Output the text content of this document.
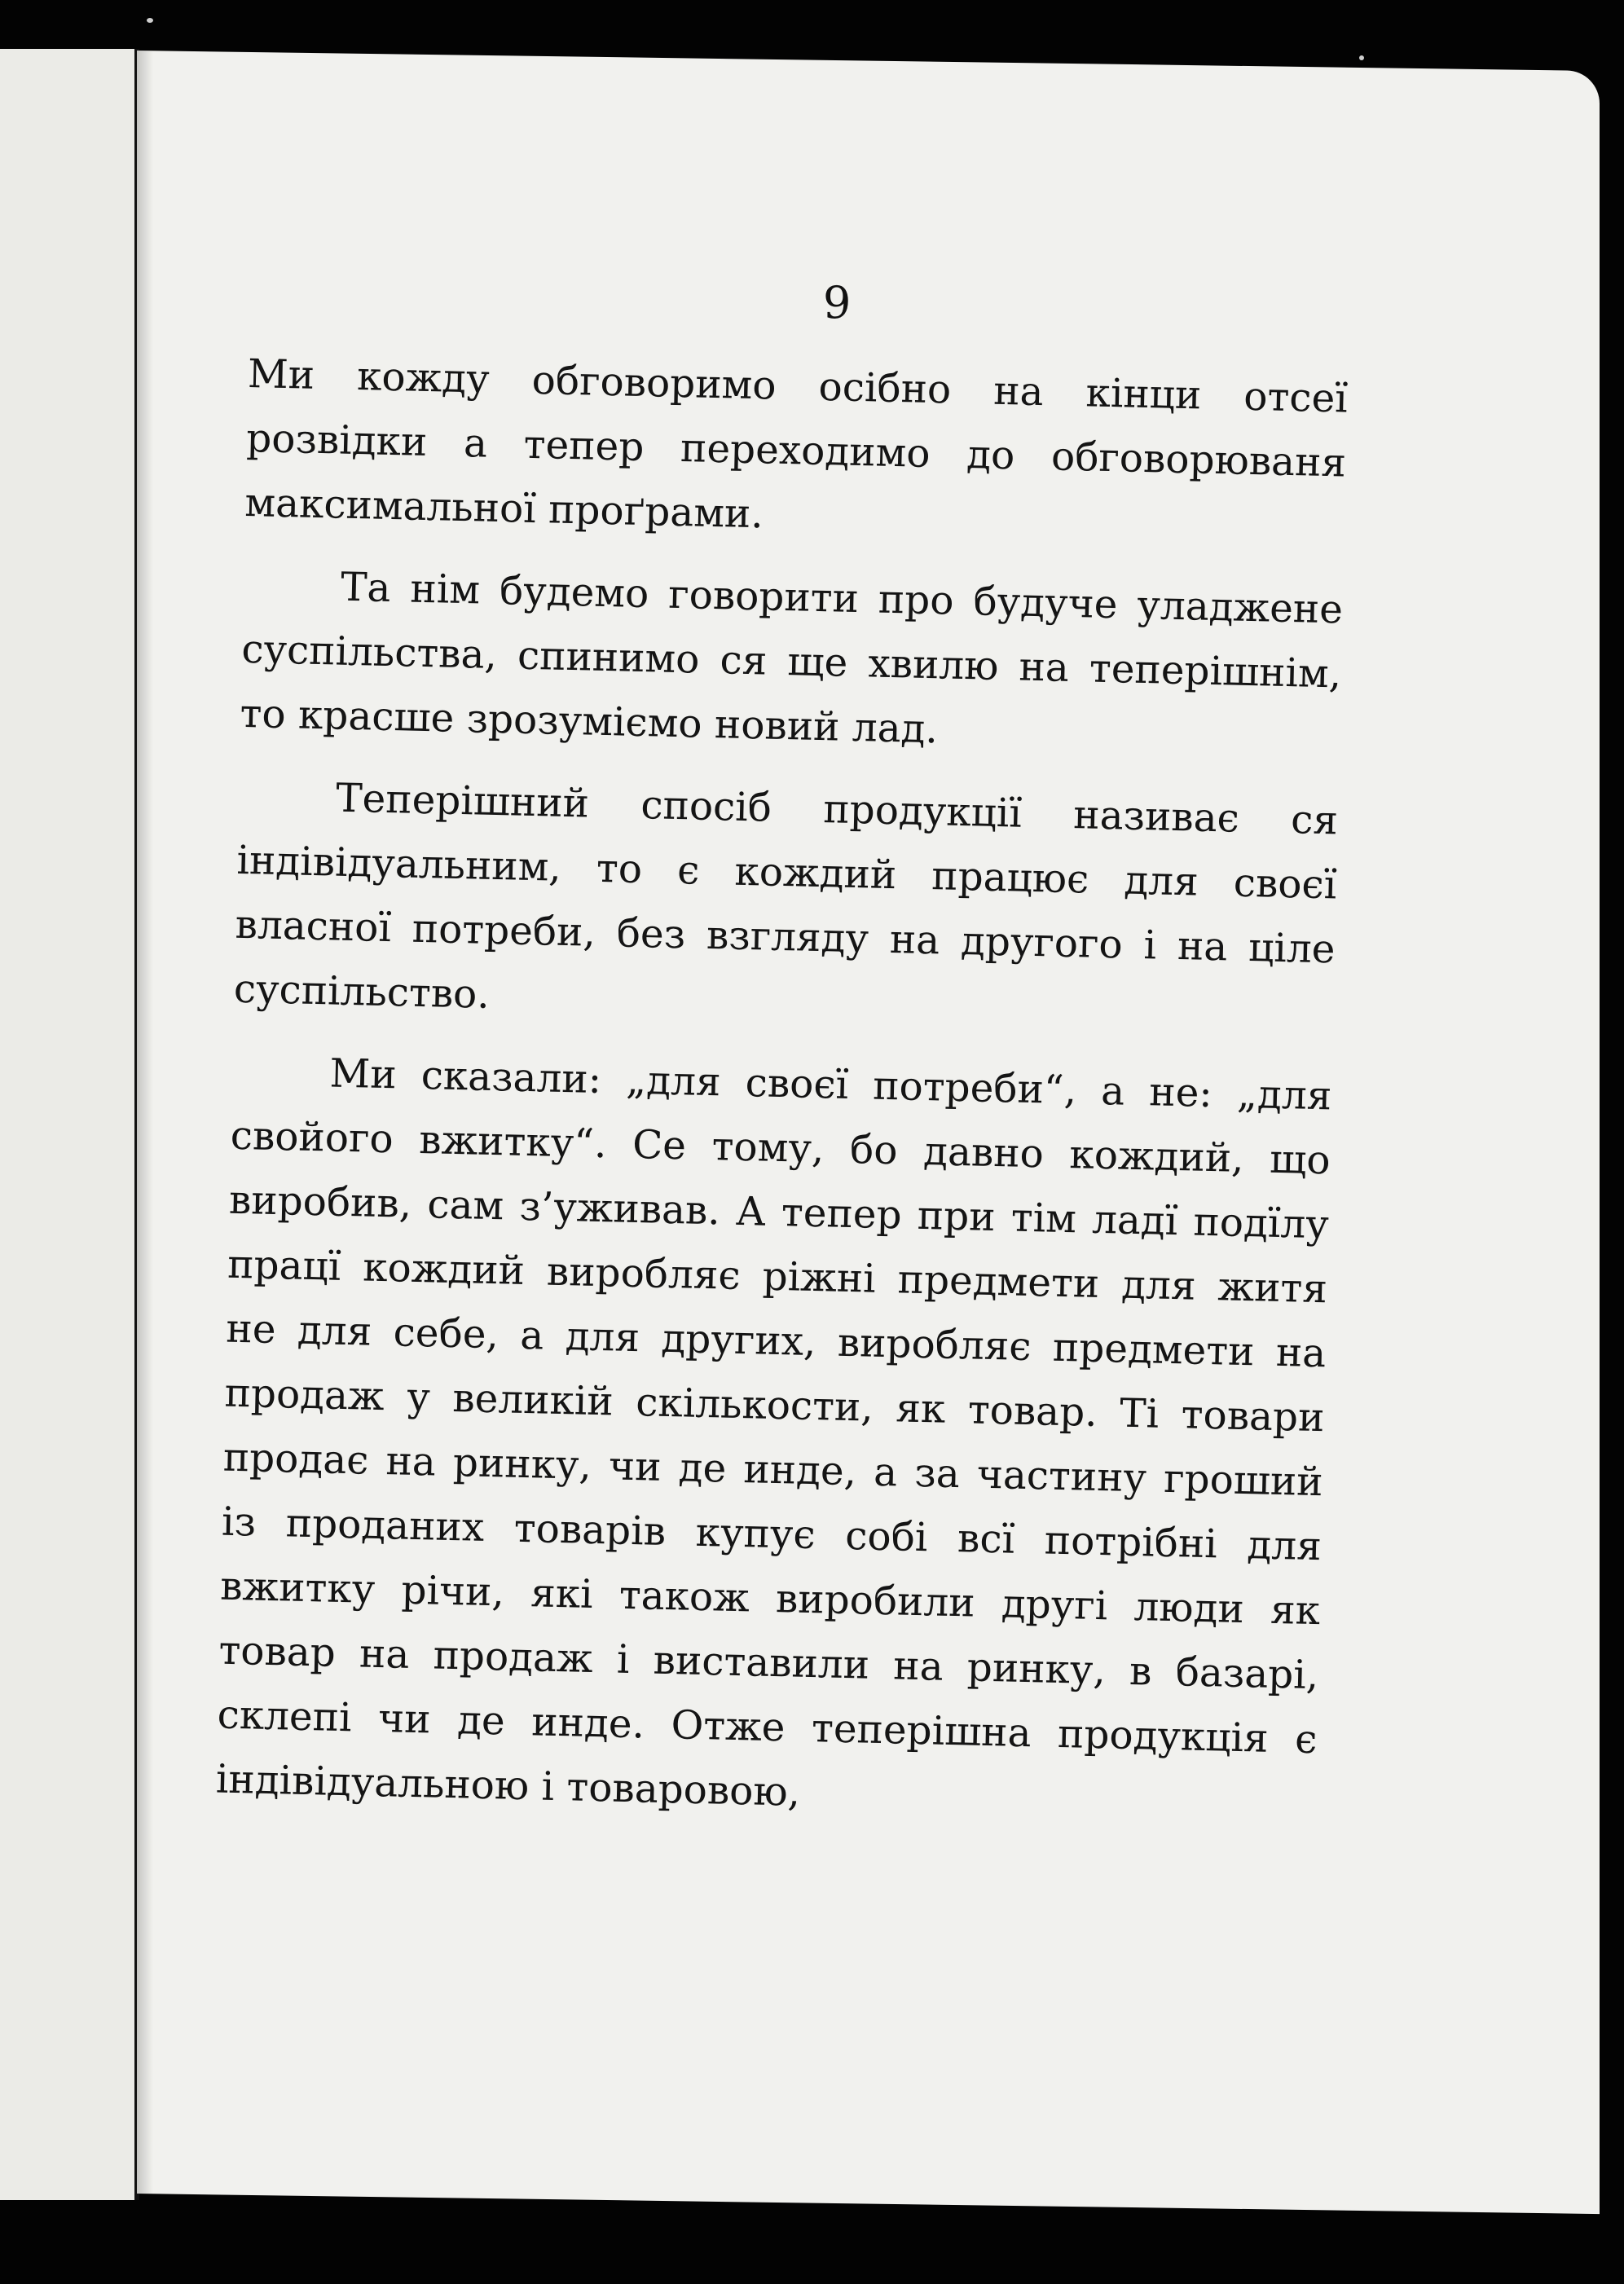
9

Ми кожду обговоримо осібно на кінци отсеї розвідки а тепер переходимо до обговорюваня максимальної проґрами.

Та нім будемо говорити про будуче уладжене суспільства, спинимо ся ще хвилю на теперішнім, то красше зрозуміємо новий лад.

Теперішний спосіб продукції називає ся індівідуальним, то є кождий працює для своєї власної потреби, без взгляду на другого і на ціле суспільство.

Ми сказали: „для своєї потреби“, а не: „для свойого вжитку“. Се тому, бо давно кождий, що виробив, сам з’уживав. А тепер при тім ладї подїлу працї кождий виробляє ріжні предмети для житя не для себе, а для других, виробляє предмети на продаж у великій скількости, як товар. Ті товари продає на ринку, чи де инде, а за частину гроший із проданих товарів купує собі всї потрібні для вжитку річи, які також виробили другі люди як товар на продаж і виставили на ринку, в базарі, склепі чи де инде. Отже теперішна продукція є індівідуальною і товаровою,
